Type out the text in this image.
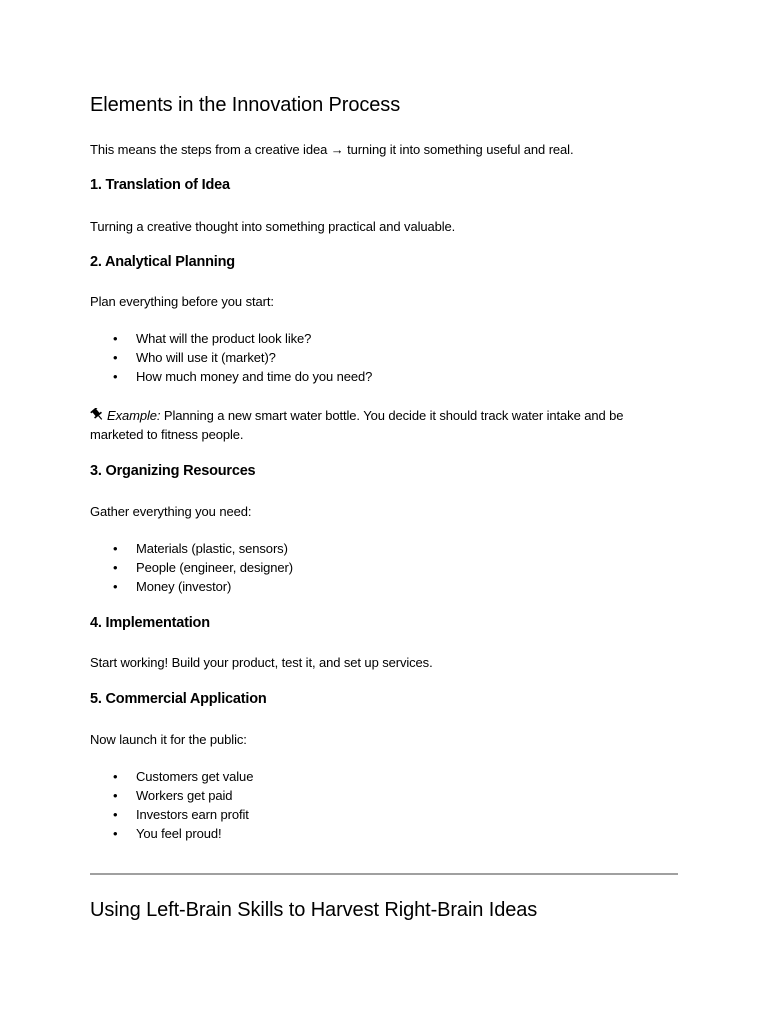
Elements in the Innovation Process
This means the steps from a creative idea → turning it into something useful and real.
1. Translation of Idea
Turning a creative thought into something practical and valuable.
2. Analytical Planning
Plan everything before you start:
• What will the product look like?
• Who will use it (market)?
• How much money and time do you need?
Example: Planning a new smart water bottle. You decide it should track water intake and be marketed to fitness people.
3. Organizing Resources
Gather everything you need:
• Materials (plastic, sensors)
• People (engineer, designer)
• Money (investor)
4. Implementation
Start working! Build your product, test it, and set up services.
5. Commercial Application
Now launch it for the public:
• Customers get value
• Workers get paid
• Investors earn profit
• You feel proud!
Using Left-Brain Skills to Harvest Right-Brain Ideas
